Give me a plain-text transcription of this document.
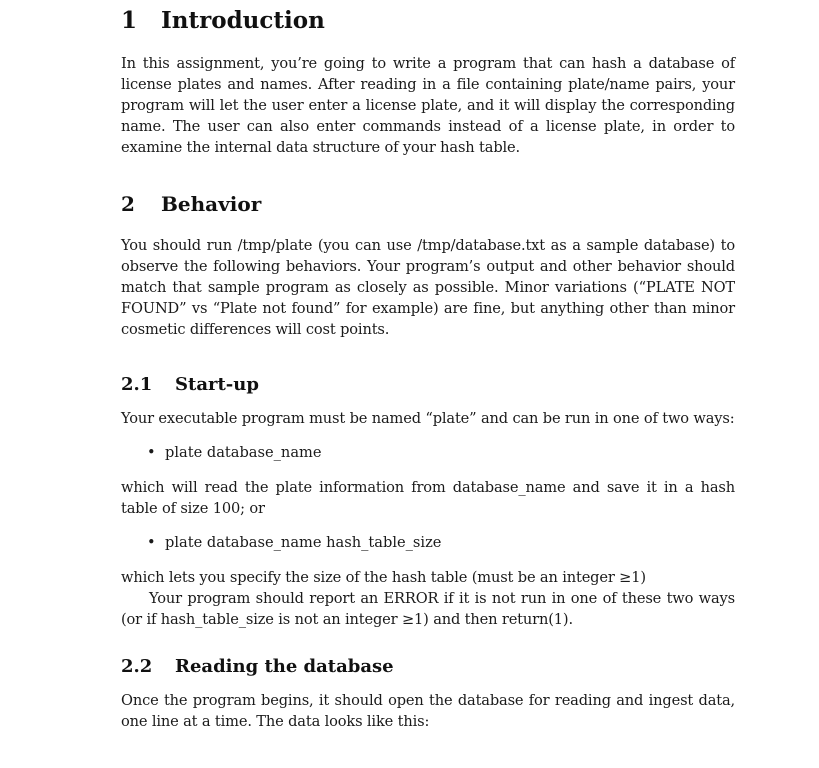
1 Introduction

In this assignment, you’re going to write a program that can hash a database of license plates and names. After reading in a file containing plate/name pairs, your program will let the user enter a license plate, and it will display the corresponding name. The user can also enter commands instead of a license plate, in order to examine the internal data structure of your hash table.

2 Behavior

You should run /tmp/plate (you can use /tmp/database.txt as a sample database) to observe the following behaviors. Your program’s output and other behavior should match that sample program as closely as possible. Minor variations (“PLATE NOT FOUND” vs “Plate not found” for example) are fine, but anything other than minor cosmetic differences will cost points.

2.1 Start-up

Your executable program must be named “plate” and can be run in one of two ways:

• plate database_name

which will read the plate information from database_name and save it in a hash table of size 100; or

• plate database_name hash_table_size

which lets you specify the size of the hash table (must be an integer ≥1)

Your program should report an ERROR if it is not run in one of these two ways (or if hash_table_size is not an integer ≥1) and then return(1).

2.2 Reading the database

Once the program begins, it should open the database for reading and ingest data, one line at a time. The data looks like this:
